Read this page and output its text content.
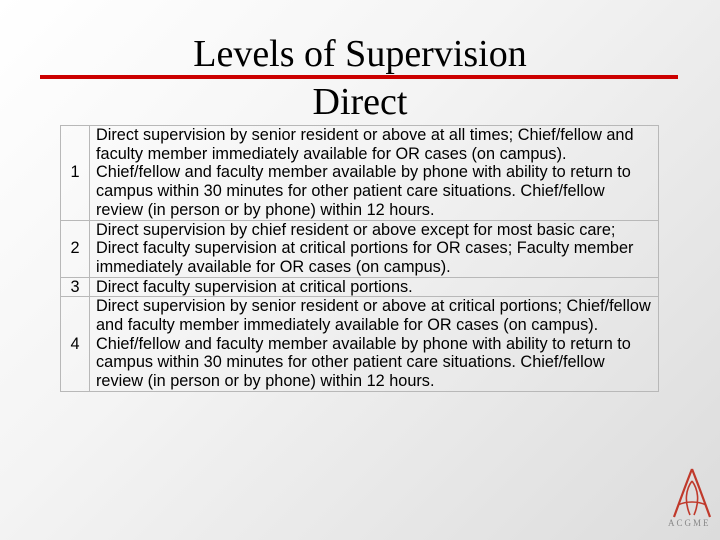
Levels of Supervision
Direct
1	Direct supervision by senior resident or above at all times; Chief/fellow and faculty member immediately available for OR cases (on campus). Chief/fellow and faculty member available by phone with ability to return to campus within 30 minutes for other patient care situations. Chief/fellow review (in person or by phone) within 12 hours.
2	Direct supervision by chief resident or above except for most basic care; Direct faculty supervision at critical portions for OR cases; Faculty member immediately available for OR cases (on campus).
3	Direct faculty supervision at critical portions.
4	Direct supervision by senior resident or above at critical portions; Chief/fellow and faculty member immediately available for OR cases (on campus). Chief/fellow and faculty member available by phone with ability to return to campus within 30 minutes for other patient care situations. Chief/fellow review (in person or by phone) within 12 hours.
ACGME
